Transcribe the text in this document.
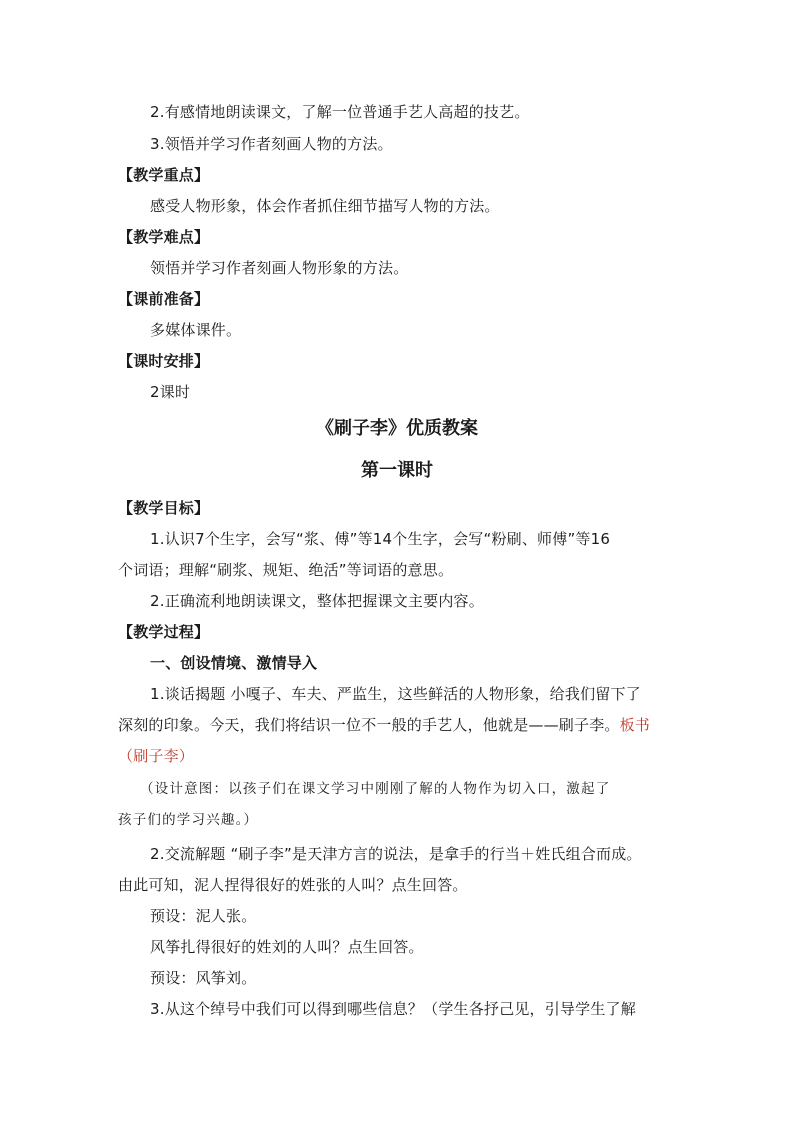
2.有感情地朗读课文，了解一位普通手艺人高超的技艺。
3.领悟并学习作者刻画人物的方法。
【教学重点】
感受人物形象，体会作者抓住细节描写人物的方法。
【教学难点】
领悟并学习作者刻画人物形象的方法。
【课前准备】
多媒体课件。
【课时安排】
2课时
《刷子李》优质教案
第一课时
【教学目标】
1.认识7个生字，会写“浆、傅”等14个生字，会写“粉刷、师傅”等16
个词语；理解“刷浆、规矩、绝活”等词语的意思。
2.正确流利地朗读课文，整体把握课文主要内容。
【教学过程】
一、创设情境、激情导入
1.谈话揭题 小嘎子、车夫、严监生，这些鲜活的人物形象，给我们留下了
深刻的印象。今天，我们将结识一位不一般的手艺人，他就是——刷子李。板书
（刷子李）
（设计意图：以孩子们在课文学习中刚刚了解的人物作为切入口，激起了
孩子们的学习兴趣。）
2.交流解题 “刷子李”是天津方言的说法，是拿手的行当＋姓氏组合而成。
由此可知，泥人捏得很好的姓张的人叫？点生回答。
预设：泥人张。
风筝扎得很好的姓刘的人叫？点生回答。
预设：风筝刘。
3.从这个绰号中我们可以得到哪些信息？（学生各抒己见，引导学生了解
